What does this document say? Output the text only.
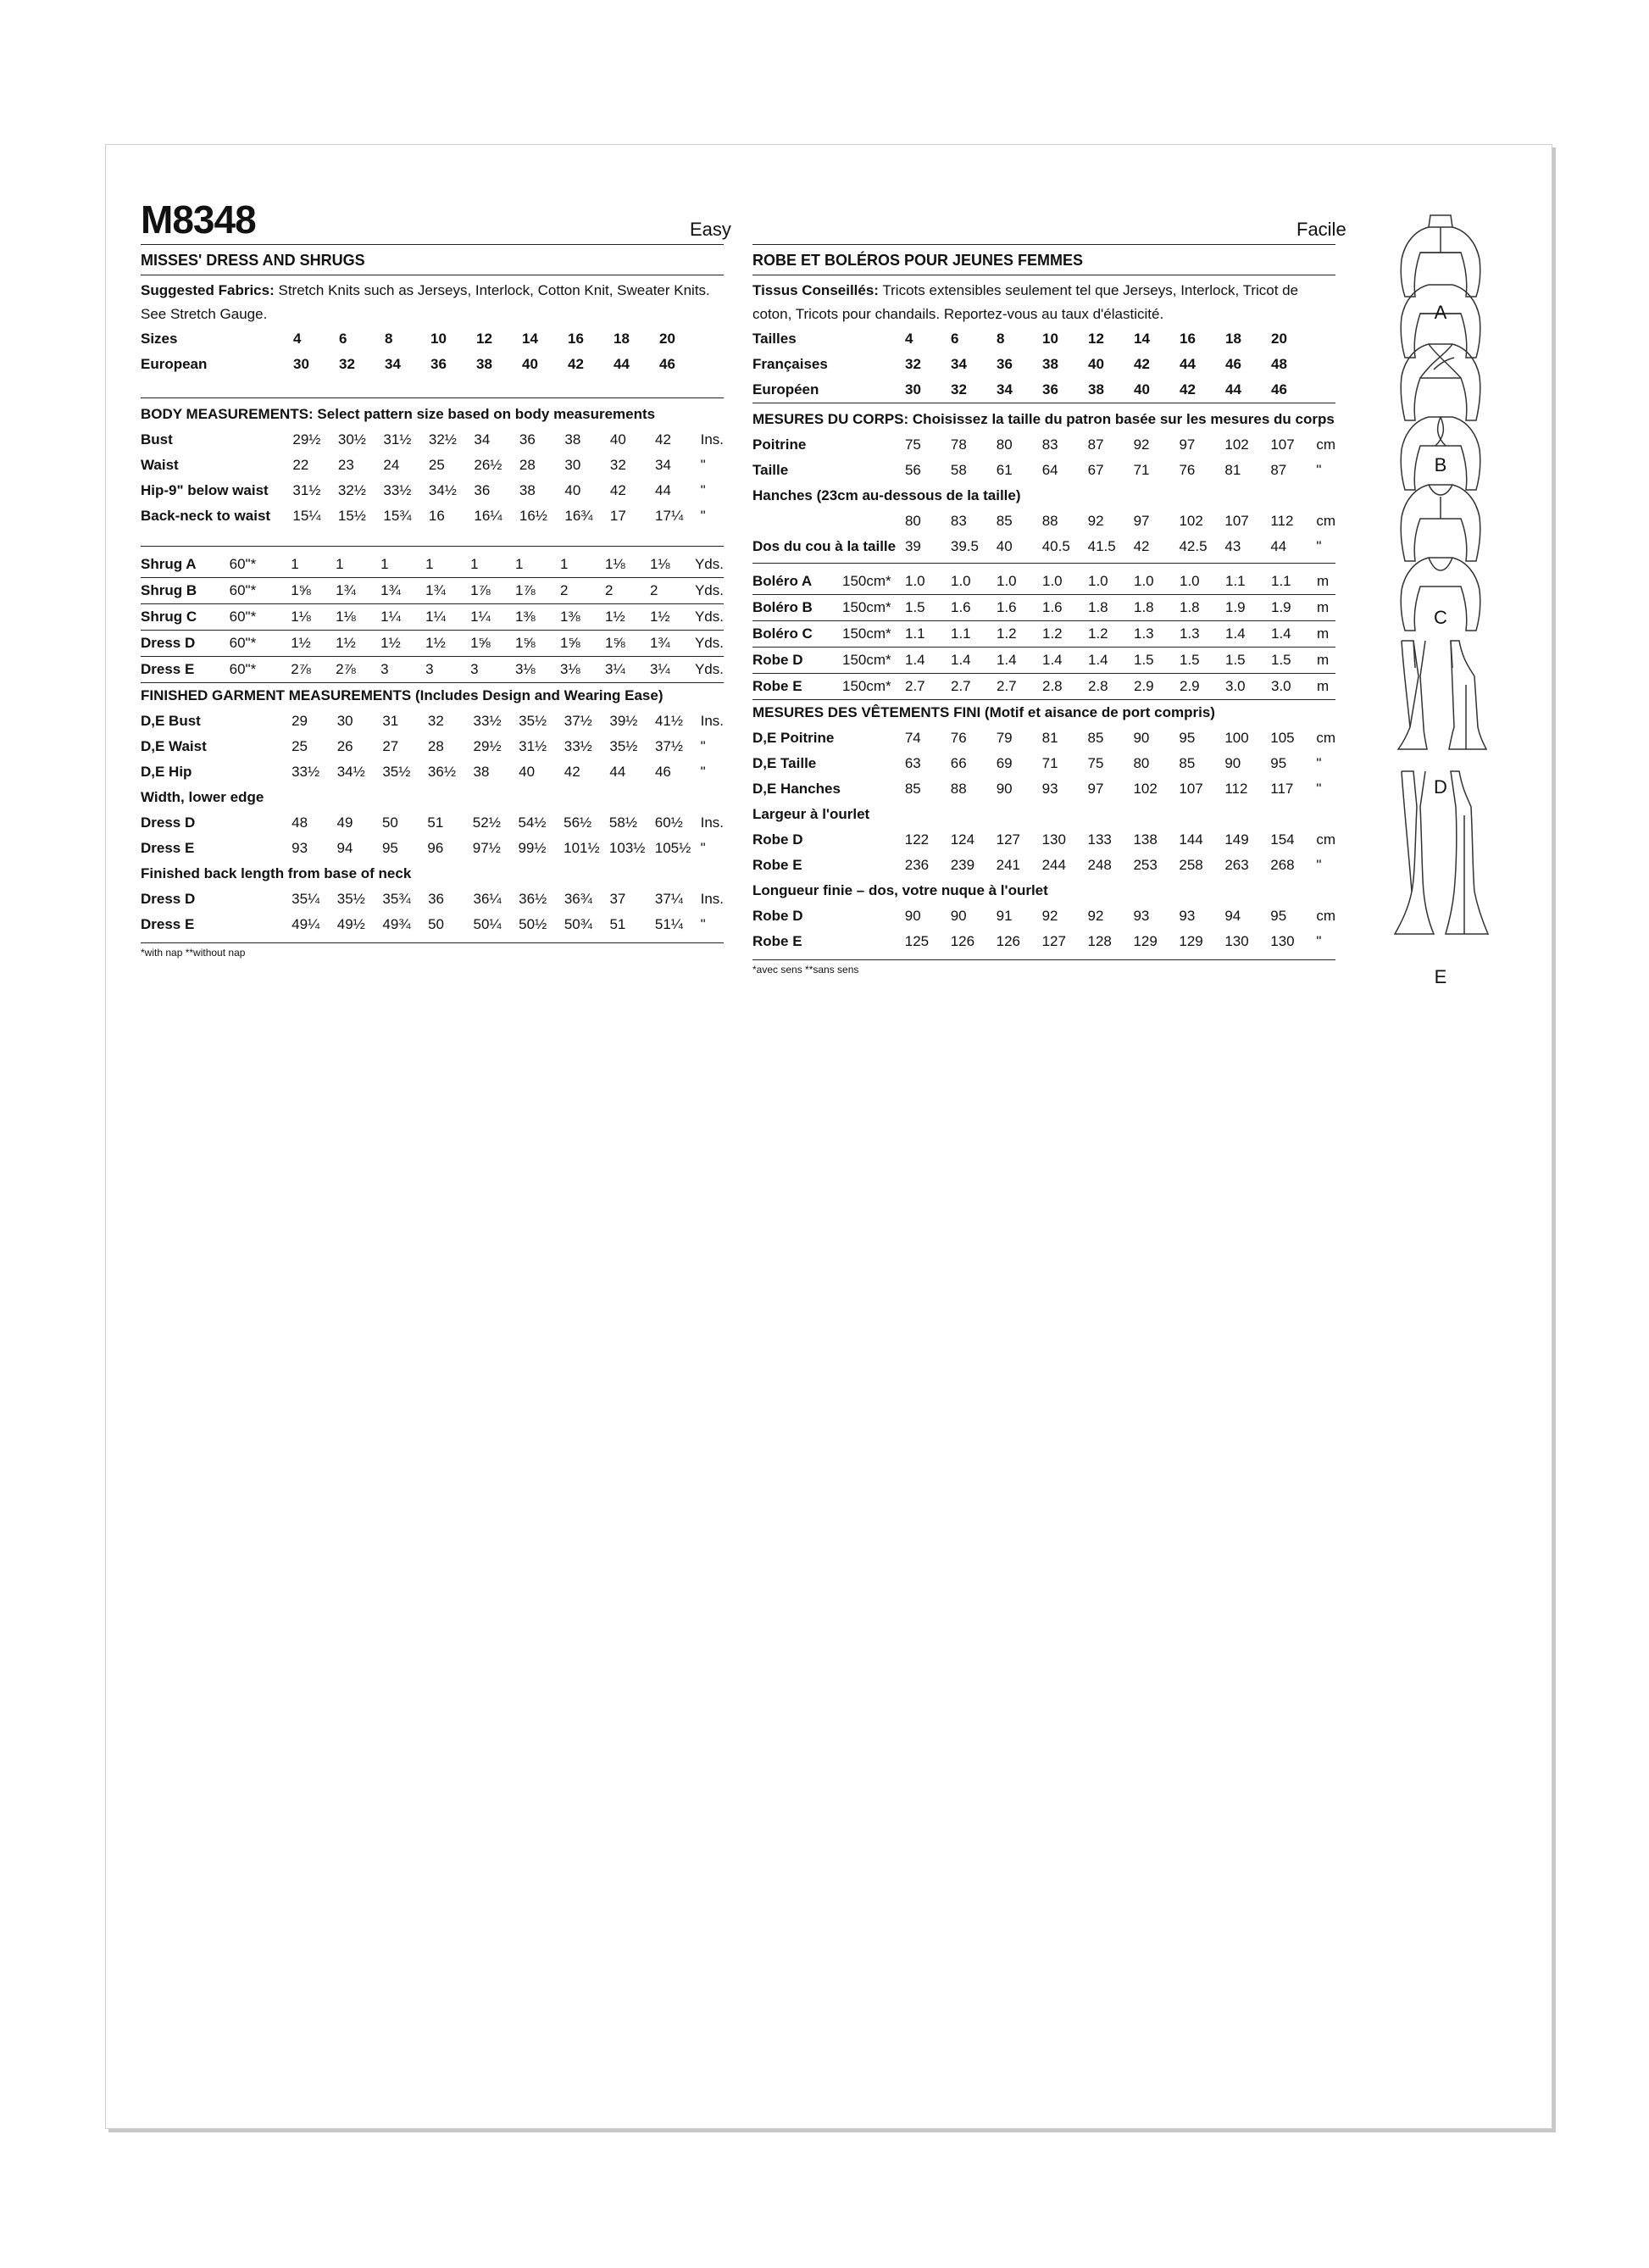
M8348	Easy	Facile
MISSES' DRESS AND SHRUGS
Suggested Fabrics: Stretch Knits such as Jerseys, Interlock, Cotton Knit, Sweater Knits. See Stretch Gauge.
Sizes	4	6	8	10	12	14	16	18	20	
European	30	32	34	36	38	40	42	44	46	
BODY MEASUREMENTS: Select pattern size based on body measurements
Bust	29½	30½	31½	32½	34	36	38	40	42	Ins.
Waist	22	23	24	25	26½	28	30	32	34	"
Hip-9" below waist	31½	32½	33½	34½	36	38	40	42	44	"
Back-neck to waist	15¼	15½	15¾	16	16¼	16½	16¾	17	17¼	"
Shrug A	60"*	1	1	1	1	1	1	1	1⅛	1⅛	Yds.

Shrug B	60"*	1⅝	1¾	1¾	1¾	1⅞	1⅞	2	2	2	Yds.

Shrug C	60"*	1⅛	1⅛	1¼	1¼	1¼	1⅜	1⅜	1½	1½	Yds.

Dress D	60"*	1½	1½	1½	1½	1⅝	1⅝	1⅝	1⅝	1¾	Yds.

Dress E	60"*	2⅞	2⅞	3	3	3	3⅛	3⅛	3¼	3¼	Yds.

FINISHED GARMENT MEASUREMENTS (Includes Design and Wearing Ease)
D,E Bust	29	30	31	32	33½	35½	37½	39½	41½	Ins.
D,E Waist	25	26	27	28	29½	31½	33½	35½	37½	"
D,E Hip	33½	34½	35½	36½	38	40	42	44	46	"
Width, lower edge
Dress D	48	49	50	51	52½	54½	56½	58½	60½	Ins.
Dress E	93	94	95	96	97½	99½	101½	103½	105½	"
Finished back length from base of neck
Dress D	35¼	35½	35¾	36	36¼	36½	36¾	37	37¼	Ins.
Dress E	49¼	49½	49¾	50	50¼	50½	50¾	51	51¼	"
*with nap **without nap
ROBE ET BOLÉROS POUR JEUNES FEMMES
Tissus Conseillés: Tricots extensibles seulement tel que Jerseys, Interlock, Tricot de coton, Tricots pour chandails. Reportez-vous au taux d'élasticité.
Tailles	4	6	8	10	12	14	16	18	20	
Françaises	32	34	36	38	40	42	44	46	48	
Européen	30	32	34	36	38	40	42	44	46	
MESURES DU CORPS: Choisissez la taille du patron basée sur les mesures du corps
Poitrine	75	78	80	83	87	92	97	102	107	cm
Taille	56	58	61	64	67	71	76	81	87	"
Hanches (23cm au-dessous de la taille)										
	80	83	85	88	92	97	102	107	112	cm
Dos du cou à la taille	39	39.5	40	40.5	41.5	42	42.5	43	44	"
Boléro A	150cm*	1.0	1.0	1.0	1.0	1.0	1.0	1.0	1.1	1.1	m

Boléro B	150cm*	1.5	1.6	1.6	1.6	1.8	1.8	1.8	1.9	1.9	m

Boléro C	150cm*	1.1	1.1	1.2	1.2	1.2	1.3	1.3	1.4	1.4	m

Robe D	150cm*	1.4	1.4	1.4	1.4	1.4	1.5	1.5	1.5	1.5	m

Robe E	150cm*	2.7	2.7	2.7	2.8	2.8	2.9	2.9	3.0	3.0	m

MESURES DES VÊTEMENTS FINI (Motif et aisance de port compris)
D,E Poitrine	74	76	79	81	85	90	95	100	105	cm
D,E Taille	63	66	69	71	75	80	85	90	95	"
D,E Hanches	85	88	90	93	97	102	107	112	117	"
Largeur à l'ourlet
Robe D	122	124	127	130	133	138	144	149	154	cm
Robe E	236	239	241	244	248	253	258	263	268	"
Longueur finie – dos, votre nuque à l'ourlet
Robe D	90	90	91	92	92	93	93	94	95	cm
Robe E	125	126	126	127	128	129	129	130	130	"
*avec sens **sans sens
A
B
C
D
E
